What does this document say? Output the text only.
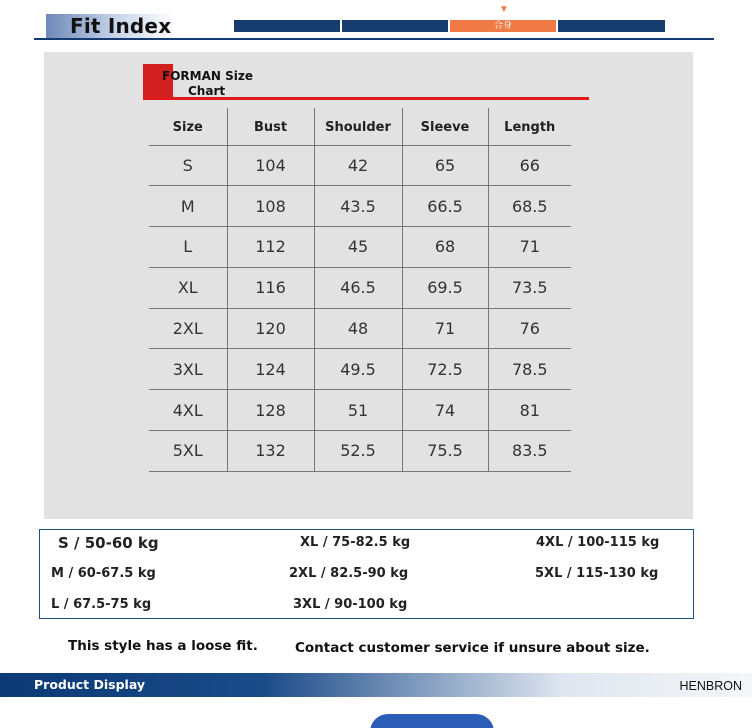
Fit Index
▼
合身
FORMAN Size
Chart
Size	Bust	Shoulder	Sleeve	Length
S	104	42	65	66
M	108	43.5	66.5	68.5
L	112	45	68	71
XL	116	46.5	69.5	73.5
2XL	120	48	71	76
3XL	124	49.5	72.5	78.5
4XL	128	51	74	81
5XL	132	52.5	75.5	83.5
S / 50-60 kg
M / 60-67.5 kg
L / 67.5-75 kg
XL / 75-82.5 kg
2XL / 82.5-90 kg
3XL / 90-100 kg
4XL / 100-115 kg
5XL / 115-130 kg
This style has a loose fit.	Contact customer service if unsure about size.
Product Display	HENBRON
